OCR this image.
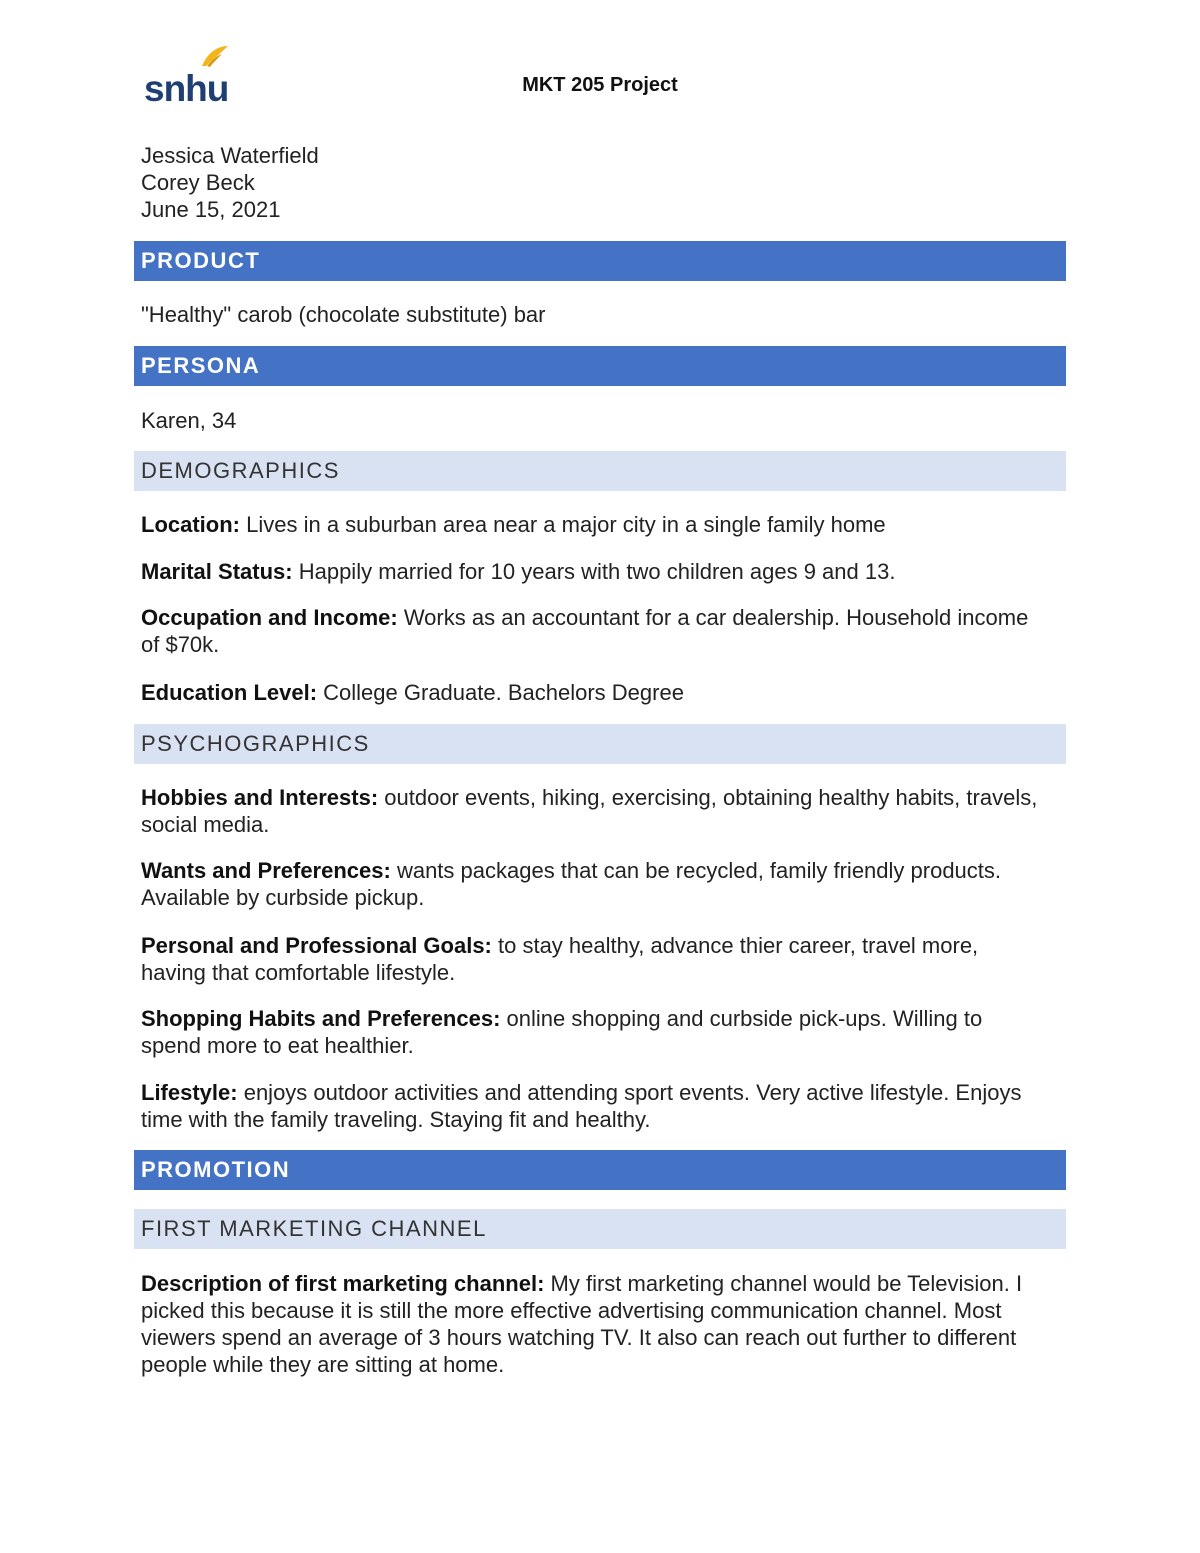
snhu	MKT 205 Project
Jessica Waterfield
Corey Beck
June 15, 2021
PRODUCT
"Healthy" carob (chocolate substitute) bar
PERSONA
Karen, 34
DEMOGRAPHICS
Location: Lives in a suburban area near a major city in a single family home
Marital Status: Happily married for 10 years with two children ages 9 and 13.
Occupation and Income: Works as an accountant for a car dealership. Household income of $70k.
Education Level: College Graduate. Bachelors Degree
PSYCHOGRAPHICS
Hobbies and Interests: outdoor events, hiking, exercising, obtaining healthy habits, travels, social media.
Wants and Preferences: wants packages that can be recycled, family friendly products. Available by curbside pickup.
Personal and Professional Goals: to stay healthy, advance thier career, travel more, having that comfortable lifestyle.
Shopping Habits and Preferences: online shopping and curbside pick-ups. Willing to spend more to eat healthier.
Lifestyle: enjoys outdoor activities and attending sport events. Very active lifestyle. Enjoys time with the family traveling. Staying fit and healthy.
PROMOTION
FIRST MARKETING CHANNEL
Description of first marketing channel: My first marketing channel would be Television. I picked this because it is still the more effective advertising communication channel. Most viewers spend an average of 3 hours watching TV. It also can reach out further to different people while they are sitting at home.
